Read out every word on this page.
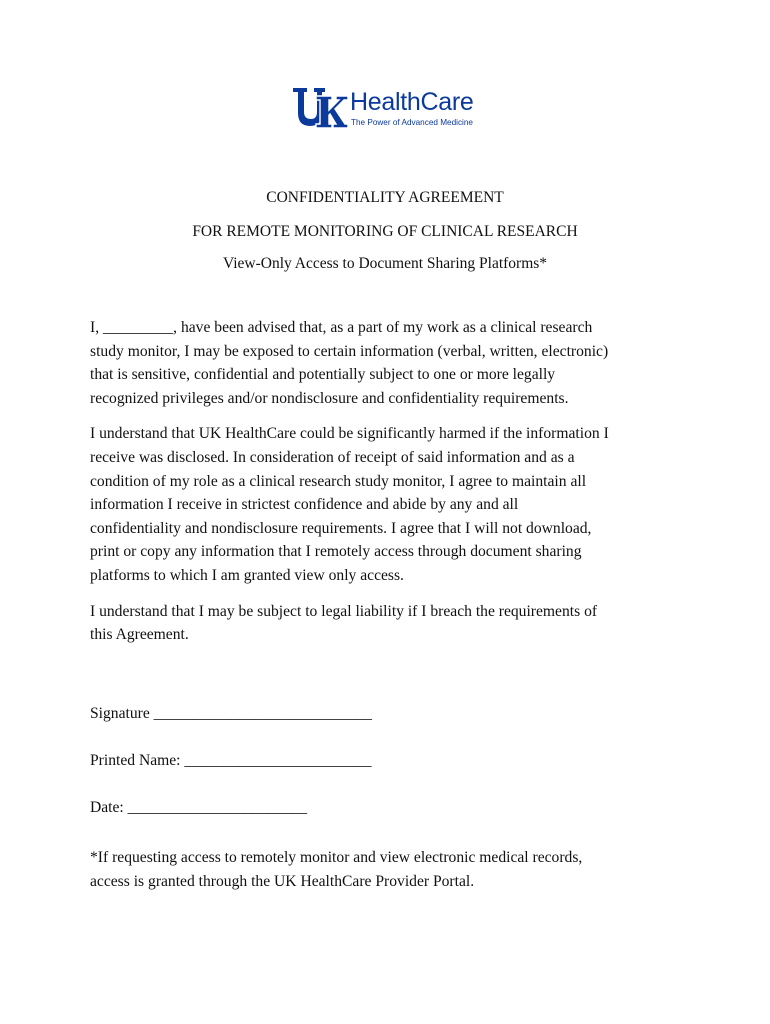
HealthCare
The Power of Advanced Medicine
CONFIDENTIALITY AGREEMENT
FOR REMOTE MONITORING OF CLINICAL RESEARCH
View-Only Access to Document Sharing Platforms*

I, _________, have been advised that, as a part of my work as a clinical research
study monitor, I may be exposed to certain information (verbal, written, electronic)
that is sensitive, confidential and potentially subject to one or more legally
recognized privileges and/or nondisclosure and confidentiality requirements.

I understand that UK HealthCare could be significantly harmed if the information I
receive was disclosed. In consideration of receipt of said information and as a
condition of my role as a clinical research study monitor, I agree to maintain all
information I receive in strictest confidence and abide by any and all
confidentiality and nondisclosure requirements. I agree that I will not download,
print or copy any information that I remotely access through document sharing
platforms to which I am granted view only access.

I understand that I may be subject to legal liability if I breach the requirements of
this Agreement.

Signature ____________________________
Printed Name: ________________________
Date: _______________________
*If requesting access to remotely monitor and view electronic medical records,
access is granted through the UK HealthCare Provider Portal.
